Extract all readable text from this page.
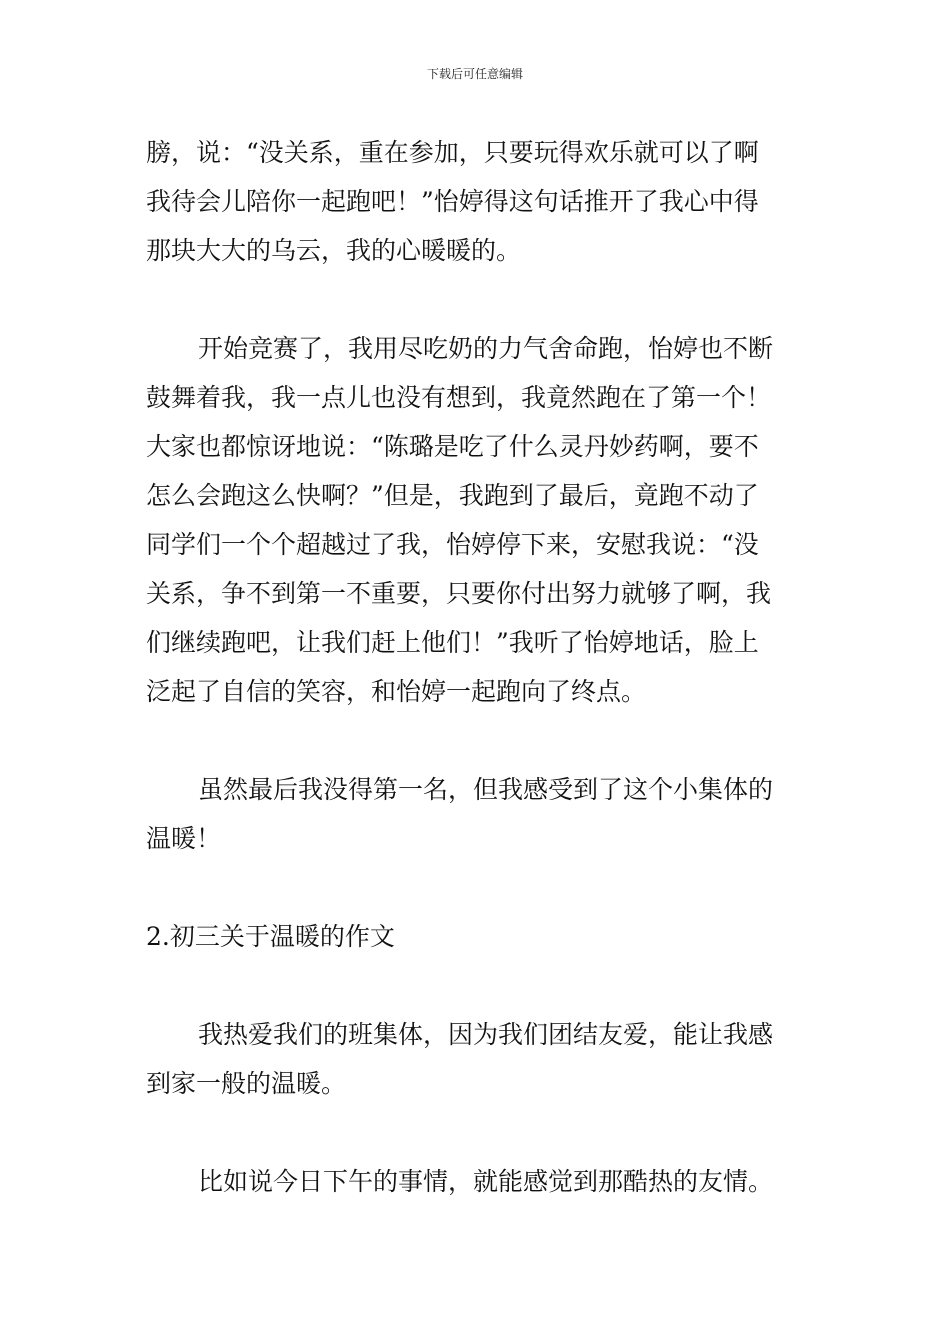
下载后可任意编辑
膀，说：“没关系，重在参加，只要玩得欢乐就可以了啊
我待会儿陪你一起跑吧！”怡婷得这句话推开了我心中得
那块大大的乌云，我的心暖暖的。
开始竞赛了，我用尽吃奶的力气舍命跑，怡婷也不断
鼓舞着我，我一点儿也没有想到，我竟然跑在了第一个！
大家也都惊讶地说：“陈璐是吃了什么灵丹妙药啊，要不
怎么会跑这么快啊？”但是，我跑到了最后，竟跑不动了
同学们一个个超越过了我，怡婷停下来，安慰我说：“没
关系，争不到第一不重要，只要你付出努力就够了啊，我
们继续跑吧，让我们赶上他们！”我听了怡婷地话，脸上
泛起了自信的笑容，和怡婷一起跑向了终点。
虽然最后我没得第一名，但我感受到了这个小集体的
温暖！
2.初三关于温暖的作文
我热爱我们的班集体，因为我们团结友爱，能让我感
到家一般的温暖。
比如说今日下午的事情，就能感觉到那酷热的友情。
